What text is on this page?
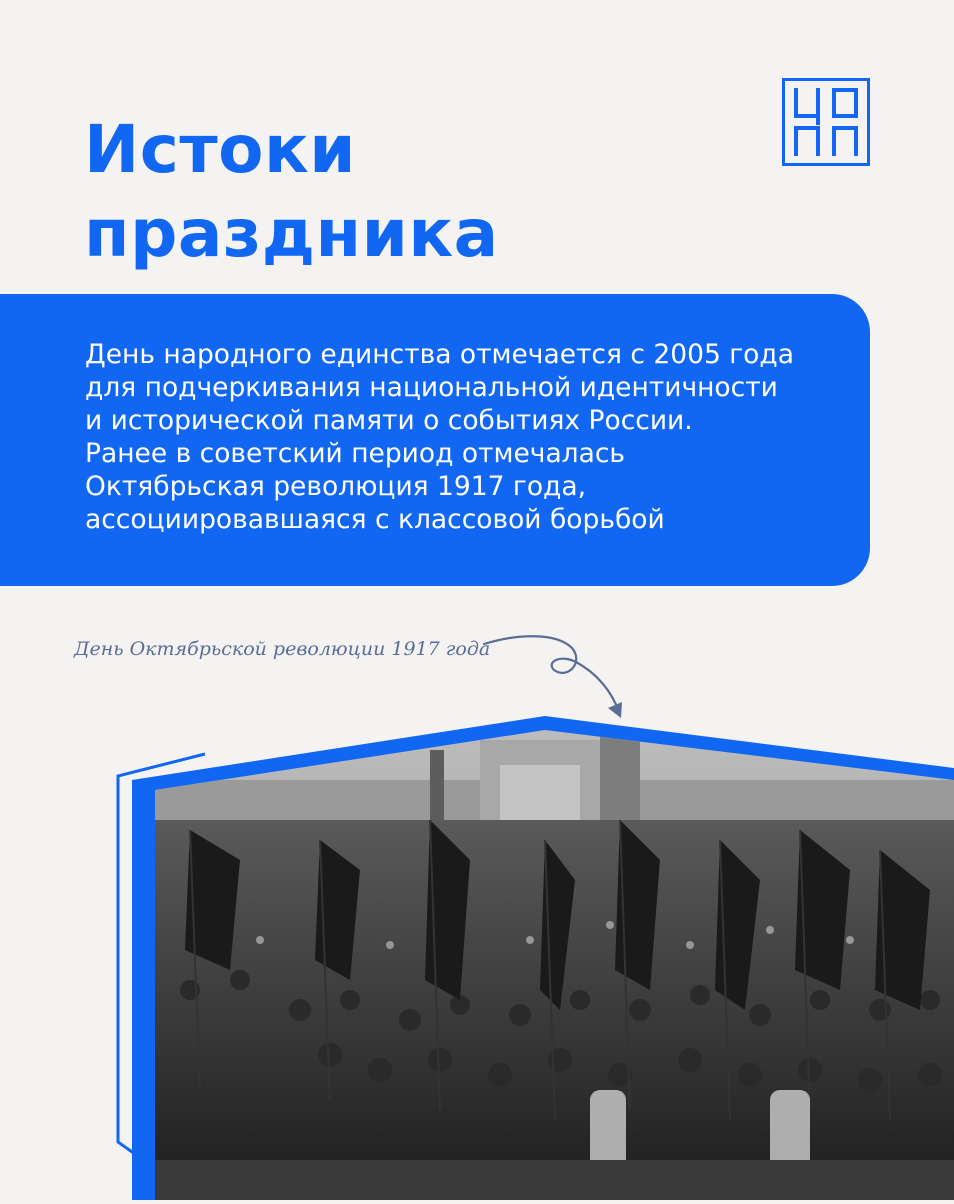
Истоки
праздника

День народного единства отмечается с 2005 года
для подчеркивания национальной идентичности
и исторической памяти о событиях России.
Ранее в советский период отмечалась
Октябрьская революция 1917 года,
ассоциировавшаяся с классовой борьбой

День Октябрьской революции 1917 года
